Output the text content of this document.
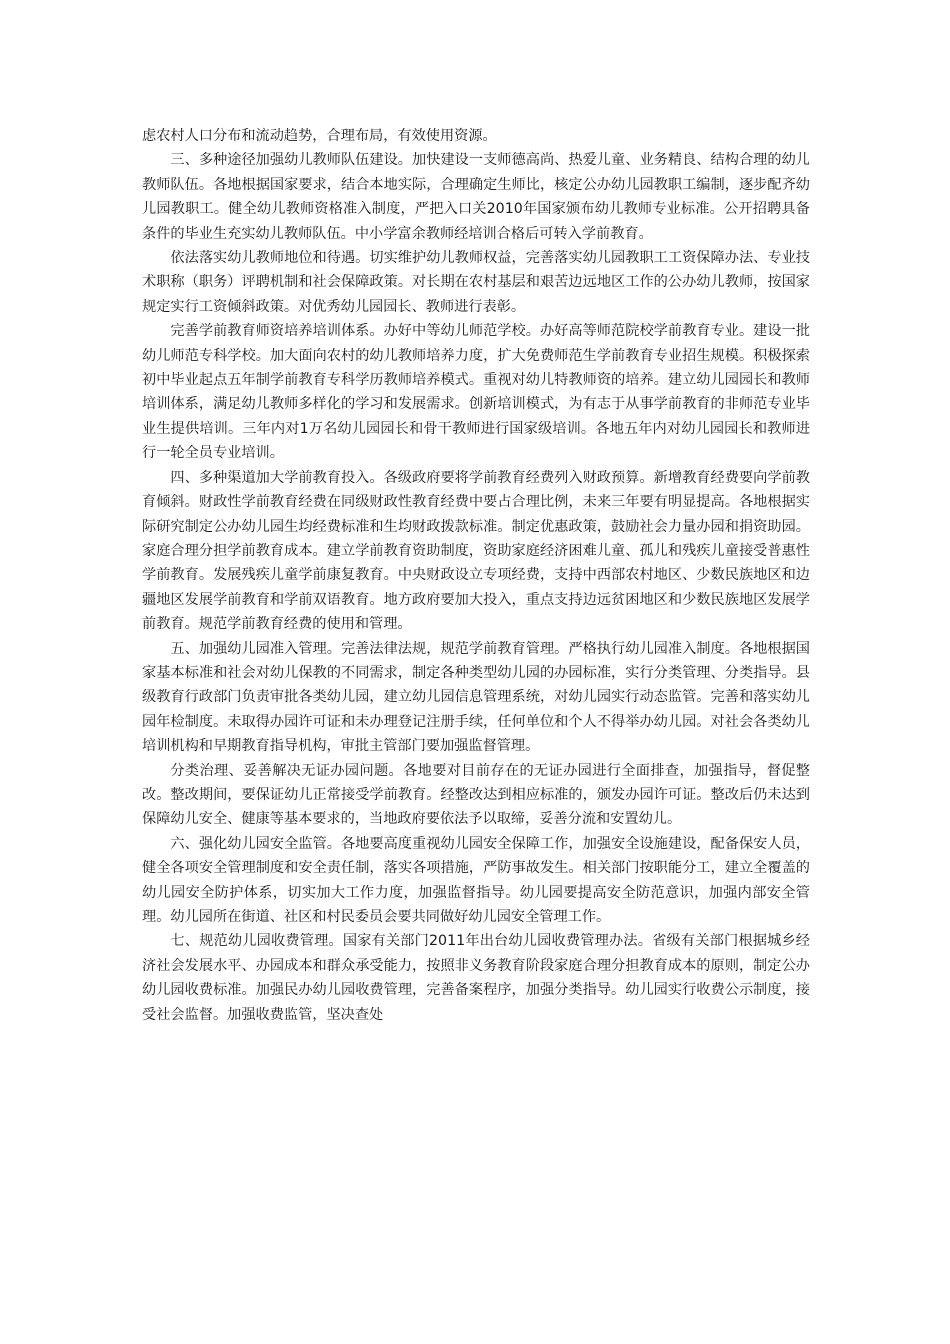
虑农村人口分布和流动趋势，合理布局，有效使用资源。

三、多种途径加强幼儿教师队伍建设。加快建设一支师德高尚、热爱儿童、业务精良、结构合理的幼儿教师队伍。各地根据国家要求，结合本地实际，合理确定生师比，核定公办幼儿园教职工编制，逐步配齐幼儿园教职工。健全幼儿教师资格准入制度，严把入口关2010年国家颁布幼儿教师专业标准。公开招聘具备条件的毕业生充实幼儿教师队伍。中小学富余教师经培训合格后可转入学前教育。

依法落实幼儿教师地位和待遇。切实维护幼儿教师权益，完善落实幼儿园教职工工资保障办法、专业技术职称（职务）评聘机制和社会保障政策。对长期在农村基层和艰苦边远地区工作的公办幼儿教师，按国家规定实行工资倾斜政策。对优秀幼儿园园长、教师进行表彰。

完善学前教育师资培养培训体系。办好中等幼儿师范学校。办好高等师范院校学前教育专业。建设一批幼儿师范专科学校。加大面向农村的幼儿教师培养力度，扩大免费师范生学前教育专业招生规模。积极探索初中毕业起点五年制学前教育专科学历教师培养模式。重视对幼儿特教师资的培养。建立幼儿园园长和教师培训体系，满足幼儿教师多样化的学习和发展需求。创新培训模式，为有志于从事学前教育的非师范专业毕业生提供培训。三年内对1万名幼儿园园长和骨干教师进行国家级培训。各地五年内对幼儿园园长和教师进行一轮全员专业培训。

四、多种渠道加大学前教育投入。各级政府要将学前教育经费列入财政预算。新增教育经费要向学前教育倾斜。财政性学前教育经费在同级财政性教育经费中要占合理比例，未来三年要有明显提高。各地根据实际研究制定公办幼儿园生均经费标准和生均财政拨款标准。制定优惠政策，鼓励社会力量办园和捐资助园。家庭合理分担学前教育成本。建立学前教育资助制度，资助家庭经济困难儿童、孤儿和残疾儿童接受普惠性学前教育。发展残疾儿童学前康复教育。中央财政设立专项经费，支持中西部农村地区、少数民族地区和边疆地区发展学前教育和学前双语教育。地方政府要加大投入，重点支持边远贫困地区和少数民族地区发展学前教育。规范学前教育经费的使用和管理。

五、加强幼儿园准入管理。完善法律法规，规范学前教育管理。严格执行幼儿园准入制度。各地根据国家基本标准和社会对幼儿保教的不同需求，制定各种类型幼儿园的办园标准，实行分类管理、分类指导。县级教育行政部门负责审批各类幼儿园，建立幼儿园信息管理系统，对幼儿园实行动态监管。完善和落实幼儿园年检制度。未取得办园许可证和未办理登记注册手续，任何单位和个人不得举办幼儿园。对社会各类幼儿培训机构和早期教育指导机构，审批主管部门要加强监督管理。

分类治理、妥善解决无证办园问题。各地要对目前存在的无证办园进行全面排查，加强指导，督促整改。整改期间，要保证幼儿正常接受学前教育。经整改达到相应标准的，颁发办园许可证。整改后仍未达到保障幼儿安全、健康等基本要求的，当地政府要依法予以取缔，妥善分流和安置幼儿。

六、强化幼儿园安全监管。各地要高度重视幼儿园安全保障工作，加强安全设施建设，配备保安人员，健全各项安全管理制度和安全责任制，落实各项措施，严防事故发生。相关部门按职能分工，建立全覆盖的幼儿园安全防护体系，切实加大工作力度，加强监督指导。幼儿园要提高安全防范意识，加强内部安全管理。幼儿园所在街道、社区和村民委员会要共同做好幼儿园安全管理工作。

七、规范幼儿园收费管理。国家有关部门2011年出台幼儿园收费管理办法。省级有关部门根据城乡经济社会发展水平、办园成本和群众承受能力，按照非义务教育阶段家庭合理分担教育成本的原则，制定公办幼儿园收费标准。加强民办幼儿园收费管理，完善备案程序，加强分类指导。幼儿园实行收费公示制度，接受社会监督。加强收费监管，坚决查处
